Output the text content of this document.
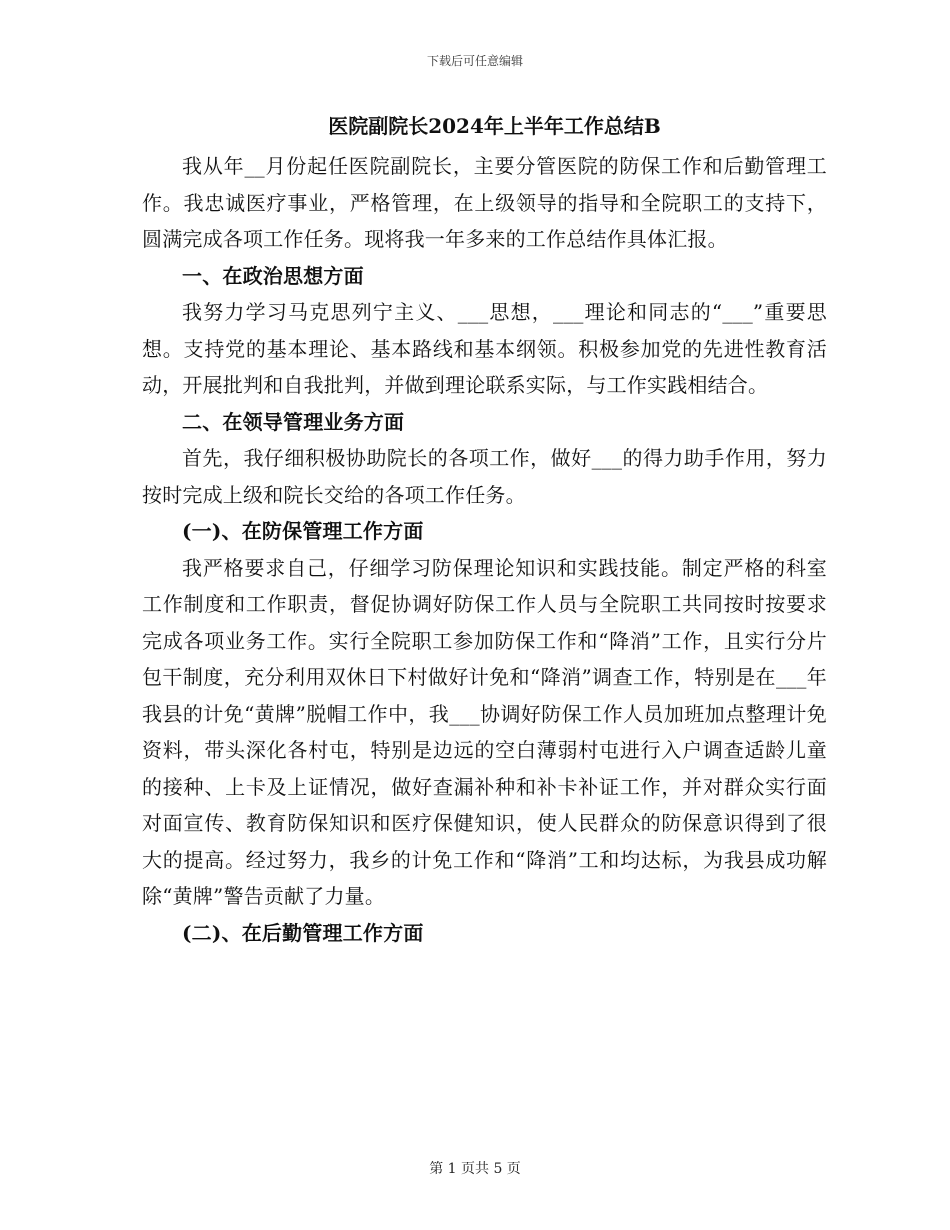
下载后可任意编辑
医院副院长2024年上半年工作总结B

我从年__月份起任医院副院长，主要分管医院的防保工作和后勤管理工作。我忠诚医疗事业，严格管理，在上级领导的指导和全院职工的支持下，圆满完成各项工作任务。现将我一年多来的工作总结作具体汇报。

一、在政治思想方面

我努力学习马克思列宁主义、___思想，___理论和同志的“___”重要思想。支持党的基本理论、基本路线和基本纲领。积极参加党的先进性教育活动，开展批判和自我批判，并做到理论联系实际，与工作实践相结合。

二、在领导管理业务方面

首先，我仔细积极协助院长的各项工作，做好___的得力助手作用，努力按时完成上级和院长交给的各项工作任务。

(一)、在防保管理工作方面

我严格要求自己，仔细学习防保理论知识和实践技能。制定严格的科室工作制度和工作职责，督促协调好防保工作人员与全院职工共同按时按要求完成各项业务工作。实行全院职工参加防保工作和“降消”工作，且实行分片包干制度，充分利用双休日下村做好计免和“降消”调查工作，特别是在___年我县的计免“黄牌”脱帽工作中，我___协调好防保工作人员加班加点整理计免资料，带头深化各村屯，特别是边远的空白薄弱村屯进行入户调查适龄儿童的接种、上卡及上证情况，做好查漏补种和补卡补证工作，并对群众实行面对面宣传、教育防保知识和医疗保健知识，使人民群众的防保意识得到了很大的提高。经过努力，我乡的计免工作和“降消”工和均达标，为我县成功解除“黄牌”警告贡献了力量。

(二)、在后勤管理工作方面

第 1 页共 5 页
